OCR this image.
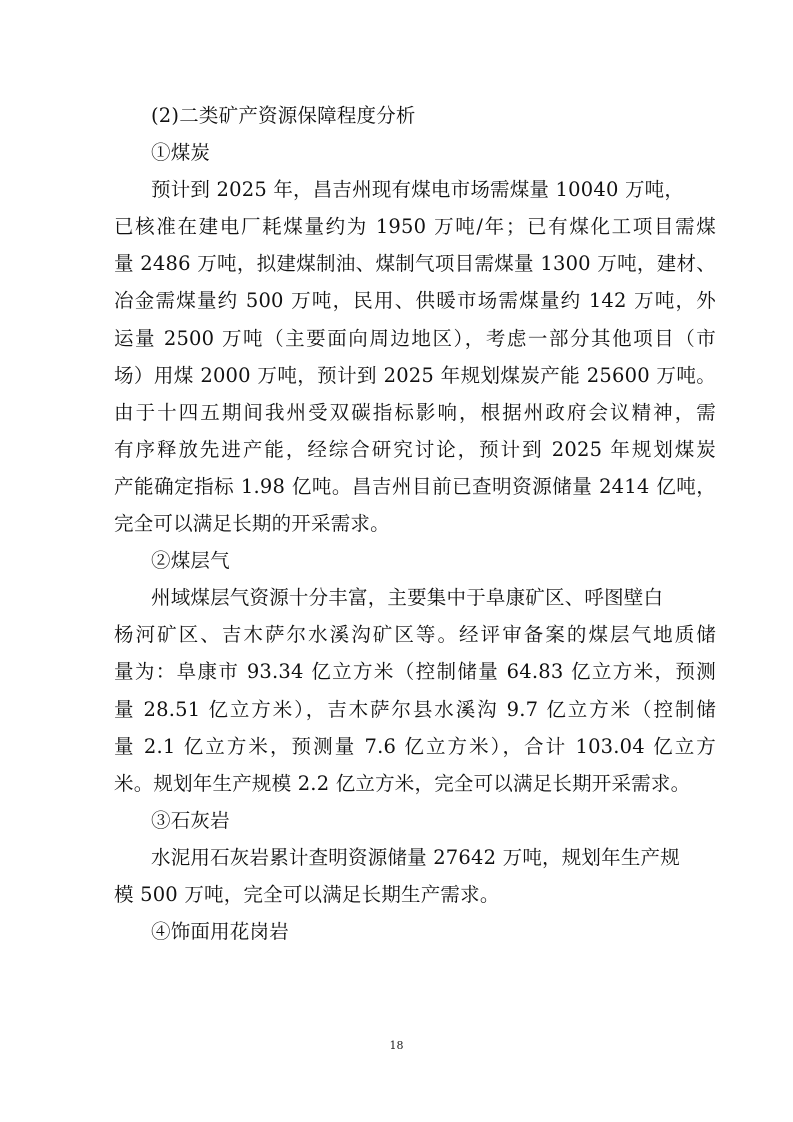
(2)二类矿产资源保障程度分析
①煤炭
预计到 2025 年，昌吉州现有煤电市场需煤量 10040 万吨，
已核准在建电厂耗煤量约为 1950 万吨/年；已有煤化工项目需煤
量 2486 万吨，拟建煤制油、煤制气项目需煤量 1300 万吨，建材、
冶金需煤量约 500 万吨，民用、供暖市场需煤量约 142 万吨，外
运量 2500 万吨（主要面向周边地区），考虑一部分其他项目（市
场）用煤 2000 万吨，预计到 2025 年规划煤炭产能 25600 万吨。
由于十四五期间我州受双碳指标影响，根据州政府会议精神，需
有序释放先进产能，经综合研究讨论，预计到 2025 年规划煤炭
产能确定指标 1.98 亿吨。昌吉州目前已查明资源储量 2414 亿吨，
完全可以满足长期的开采需求。
②煤层气
州域煤层气资源十分丰富，主要集中于阜康矿区、呼图壁白
杨河矿区、吉木萨尔水溪沟矿区等。经评审备案的煤层气地质储
量为：阜康市 93.34 亿立方米（控制储量 64.83 亿立方米，预测
量 28.51 亿立方米），吉木萨尔县水溪沟 9.7 亿立方米（控制储
量 2.1 亿立方米，预测量 7.6 亿立方米），合计 103.04 亿立方
米。规划年生产规模 2.2 亿立方米，完全可以满足长期开采需求。
③石灰岩
水泥用石灰岩累计查明资源储量 27642 万吨，规划年生产规
模 500 万吨，完全可以满足长期生产需求。
④饰面用花岗岩
18
